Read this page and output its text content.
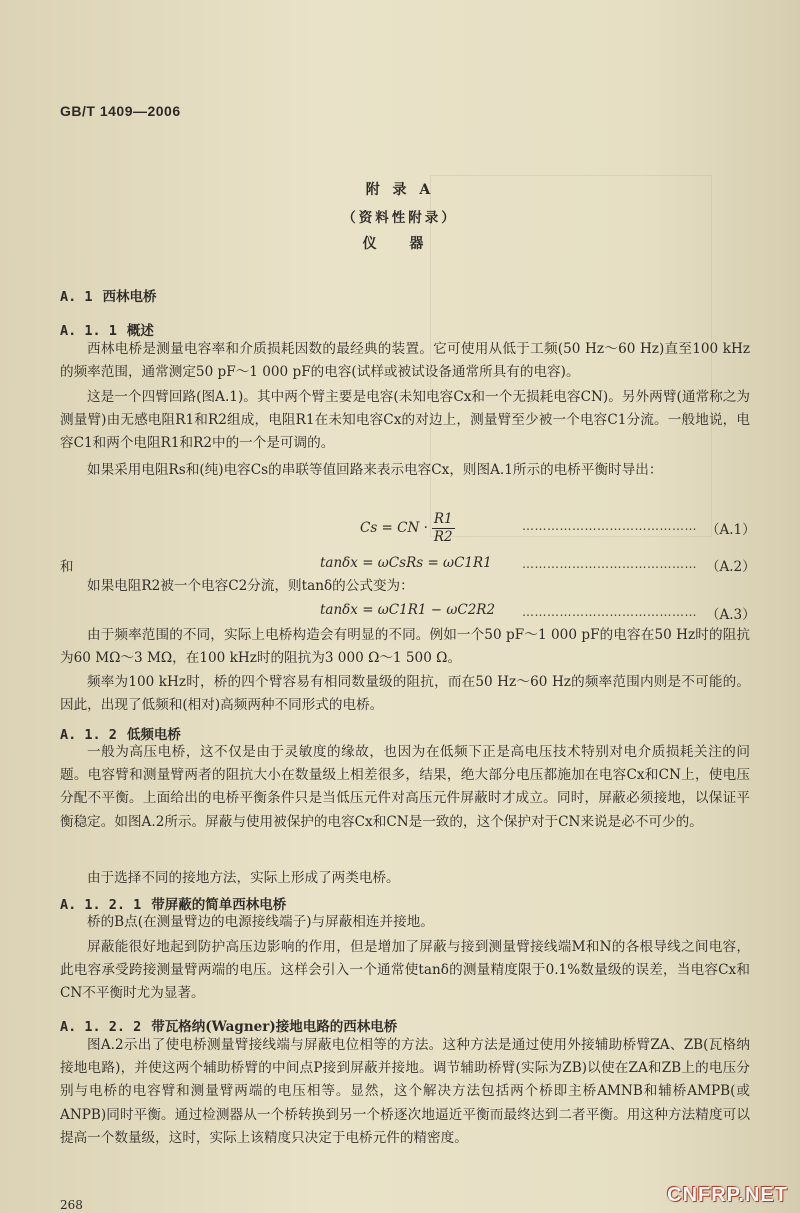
GB/T 1409—2006
附 录 A
（资料性附录）
仪 器
A. 1 西林电桥
A. 1. 1 概述

西林电桥是测量电容率和介质损耗因数的最经典的装置。它可使用从低于工频(50 Hz～60 Hz)直至100 kHz的频率范围，通常测定50 pF～1 000 pF的电容(试样或被试设备通常所具有的电容)。

这是一个四臂回路(图A.1)。其中两个臂主要是电容(未知电容Cx和一个无损耗电容CN)。另外两臂(通常称之为测量臂)由无感电阻R1和R2组成，电阻R1在未知电容Cx的对边上，测量臂至少被一个电容C1分流。一般地说，电容C1和两个电阻R1和R2中的一个是可调的。

如果采用电阻Rs和(纯)电容Cs的串联等值回路来表示电容Cx，则图A.1所示的电桥平衡时导出：

Cs = CN · $\frac{R1}{R2}$	…………………………………… （A.1）
和	tanδx = ωCsRs = ωC1R1	…………………………………… （A.2）

如果电阻R2被一个电容C2分流，则tanδ的公式变为：

tanδx = ωC1R1 − ωC2R2 …………………………………… （A.3）

由于频率范围的不同，实际上电桥构造会有明显的不同。例如一个50 pF～1 000 pF的电容在50 Hz时的阻抗为60 MΩ～3 MΩ，在100 kHz时的阻抗为3 000 Ω～1 500 Ω。

频率为100 kHz时，桥的四个臂容易有相同数量级的阻抗，而在50 Hz～60 Hz的频率范围内则是不可能的。因此，出现了低频和(相对)高频两种不同形式的电桥。

A. 1. 2 低频电桥

一般为高压电桥，这不仅是由于灵敏度的缘故，也因为在低频下正是高电压技术特别对电介质损耗关注的问题。电容臂和测量臂两者的阻抗大小在数量级上相差很多，结果，绝大部分电压都施加在电容Cx和CN上，使电压分配不平衡。上面给出的电桥平衡条件只是当低压元件对高压元件屏蔽时才成立。同时，屏蔽必须接地，以保证平衡稳定。如图A.2所示。屏蔽与使用被保护的电容Cx和CN是一致的，这个保护对于CN来说是必不可少的。

由于选择不同的接地方法，实际上形成了两类电桥。

A. 1. 2. 1 带屏蔽的简单西林电桥

桥的B点(在测量臂边的电源接线端子)与屏蔽相连并接地。

屏蔽能很好地起到防护高压边影响的作用，但是增加了屏蔽与接到测量臂接线端M和N的各根导线之间电容，此电容承受跨接测量臂两端的电压。这样会引入一个通常使tanδ的测量精度限于0.1%数量级的误差，当电容Cx和CN不平衡时尤为显著。

A. 1. 2. 2 带瓦格纳(Wagner)接地电路的西林电桥

图A.2示出了使电桥测量臂接线端与屏蔽电位相等的方法。这种方法是通过使用外接辅助桥臂ZA、ZB(瓦格纳接地电路)，并使这两个辅助桥臂的中间点P接到屏蔽并接地。调节辅助桥臂(实际为ZB)以使在ZA和ZB上的电压分别与电桥的电容臂和测量臂两端的电压相等。显然，这个解决方法包括两个桥即主桥AMNB和辅桥AMPB(或ANPB)同时平衡。通过检测器从一个桥转换到另一个桥逐次地逼近平衡而最终达到二者平衡。用这种方法精度可以提高一个数量级，这时，实际上该精度只决定于电桥元件的精密度。

268	CNFRP.NET
